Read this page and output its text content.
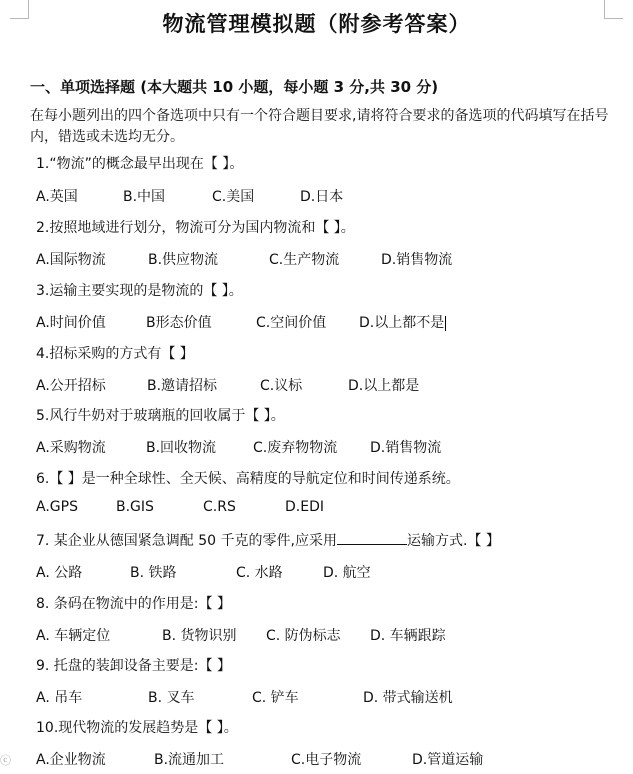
物流管理模拟题（附参考答案）
一、单项选择题 (本大题共 10 小题，每小题 3 分,共 30 分)
在每小题列出的四个备选项中只有一个符合题目要求,请将符合要求的备选项的代码填写在括号内，错选或未选均无分。
1.“物流”的概念最早出现在【 】。
A.英国	B.中国	C.美国	D.日本
2.按照地域进行划分，物流可分为国内物流和【 】。
A.国际物流	B.供应物流	C.生产物流	D.销售物流
3.运输主要实现的是物流的【 】。
A.时间价值	B形态价值	C.空间价值 D.以上都不是
4.招标采购的方式有【 】
A.公开招标	B.邀请招标	C.议标	D.以上都是
5.风行牛奶对于玻璃瓶的回收属于【 】。
A.采购物流	B.回收物流	C.废弃物物流 D.销售物流
6.【 】是一种全球性、全天候、高精度的导航定位和时间传递系统。
A.GPS	B.GIS	C.RS	D.EDI
7. 某企业从德国紧急调配 50 千克的零件,应采用	运输方式.【 】
A. 公路	B. 铁路	C. 水路	D. 航空
8. 条码在物流中的作用是:【 】
A. 车辆定位	B. 货物识别 C. 防伪标志 D. 车辆跟踪
9. 托盘的装卸设备主要是:【 】
A. 吊车	B. 叉车	C. 铲车	D. 带式输送机
10.现代物流的发展趋势是【 】。
A.企业物流	B.流通加工	C.电子物流	D.管道运输
ⓒ
